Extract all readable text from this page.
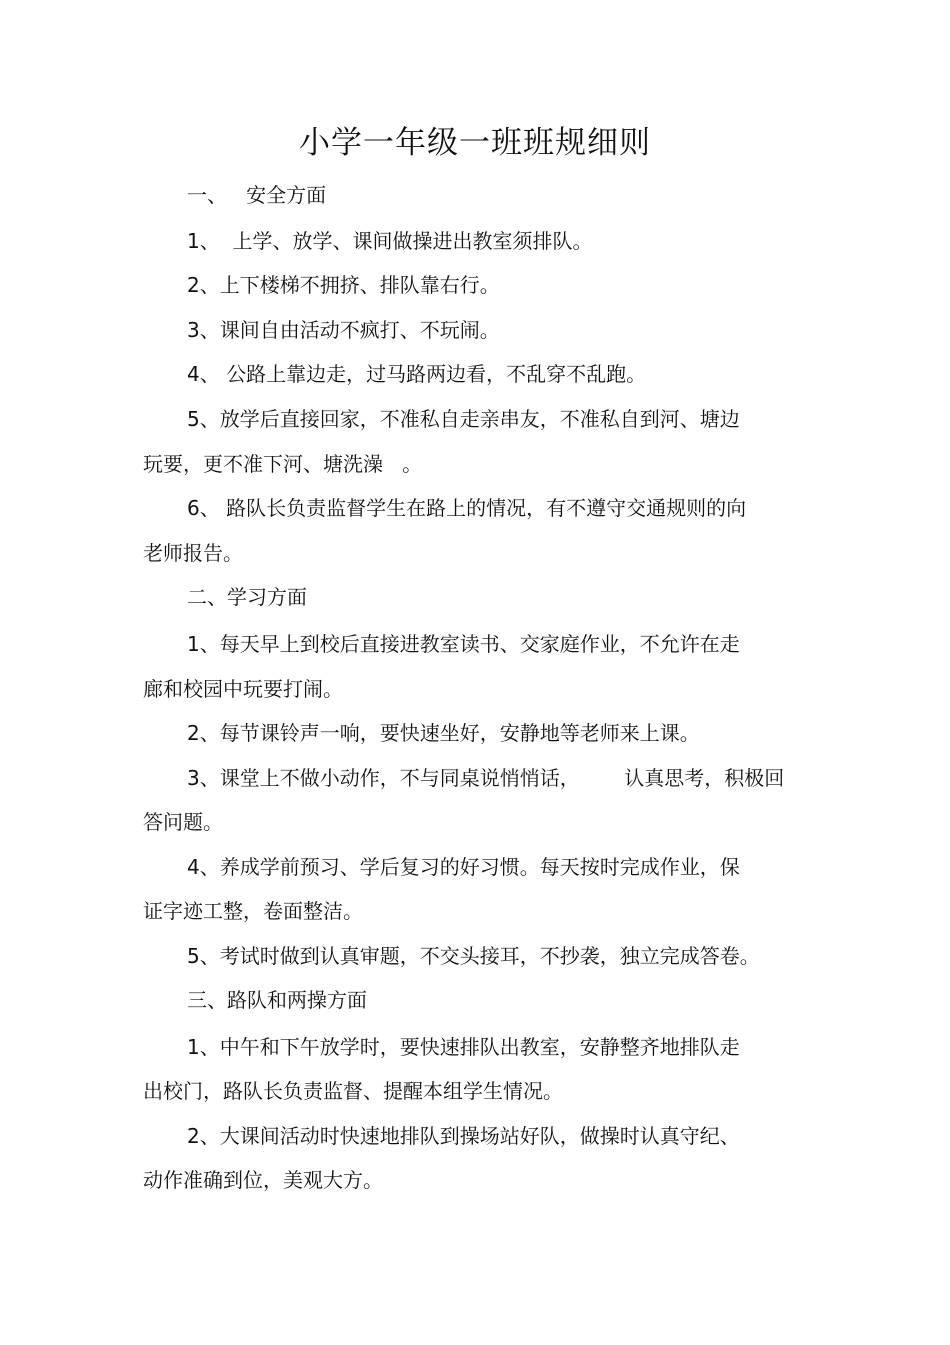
小学一年级一班班规细则
一、   安全方面
1、  上学、放学、课间做操进出教室须排队。
2、上下楼梯不拥挤、排队靠右行。
3、课间自由活动不疯打、不玩闹。
4、 公路上靠边走，过马路两边看，不乱穿不乱跑。
5、放学后直接回家，不准私自走亲串友，不准私自到河、塘边
玩要，更不准下河、塘洗澡   。
6、 路队长负责监督学生在路上的情况，有不遵守交通规则的向
老师报告。
二、学习方面
1、每天早上到校后直接进教室读书、交家庭作业，不允许在走
廊和校园中玩要打闹。
2、每节课铃声一响，要快速坐好，安静地等老师来上课。
3、课堂上不做小动作，不与同桌说悄悄话，       认真思考，积极回
答问题。
4、养成学前预习、学后复习的好习惯。每天按时完成作业，保
证字迹工整，卷面整洁。
5、考试时做到认真审题，不交头接耳，不抄袭，独立完成答卷。
三、路队和两操方面
1、中午和下午放学时，要快速排队出教室，安静整齐地排队走
出校门，路队长负责监督、提醒本组学生情况。
2、大课间活动时快速地排队到操场站好队，做操时认真守纪、
动作准确到位，美观大方。
